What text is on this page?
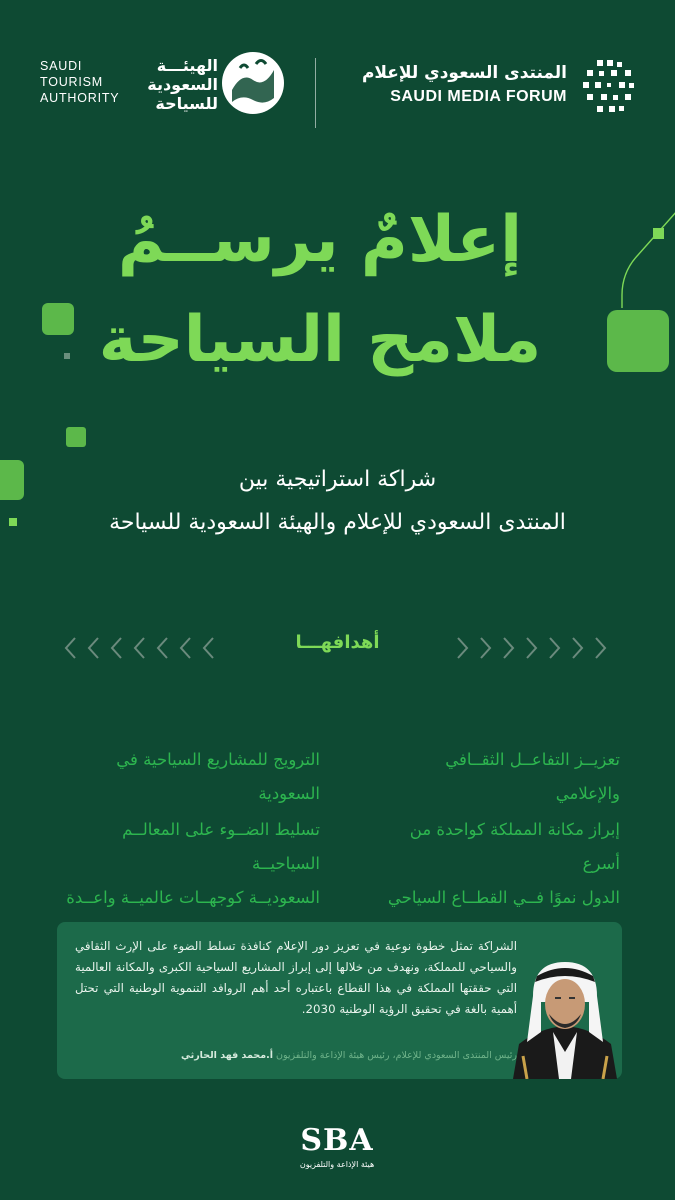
SAUDI
TOURISM
AUTHORITY
الهيئـــة
السعودية
للسياحة
المنتدى السعودي للإعلام
SAUDI MEDIA FORUM
إعلامٌ يرســمُ
ملامح السياحة
شراكة استراتيجية بين
المنتدى السعودي للإعلام والهيئة السعودية للسياحة
أهدافهـــا
تعزيــز التفاعــل الثقــافي والإعلامي
الترويج للمشاريع السياحية في السعودية
إبراز مكانة المملكة كواحدة من أسرع
الدول نموًا فــي القطــاع السياحي
تسليط الضــوء على المعالــم السياحيــة
السعوديــة كوجهــات عالميــة واعــدة
الشراكة تمثل خطوة نوعية في تعزيز دور الإعلام كنافذة تسلط الضوء على الإرث الثقافي والسياحي للمملكة، ونهدف من خلالها إلى إبراز المشاريع السياحية الكبرى والمكانة العالمية التي حققتها المملكة في هذا القطاع باعتباره أحد أهم الروافد التنموية الوطنية التي تحتل أهمية بالغة في تحقيق الرؤية الوطنية 2030.
رئيس المنتدى السعودي للإعلام، رئيس هيئة الإذاعة والتلفزيون أ.محمد فهد الحارثي
SBA
هيئة الإذاعة والتلفزيون
